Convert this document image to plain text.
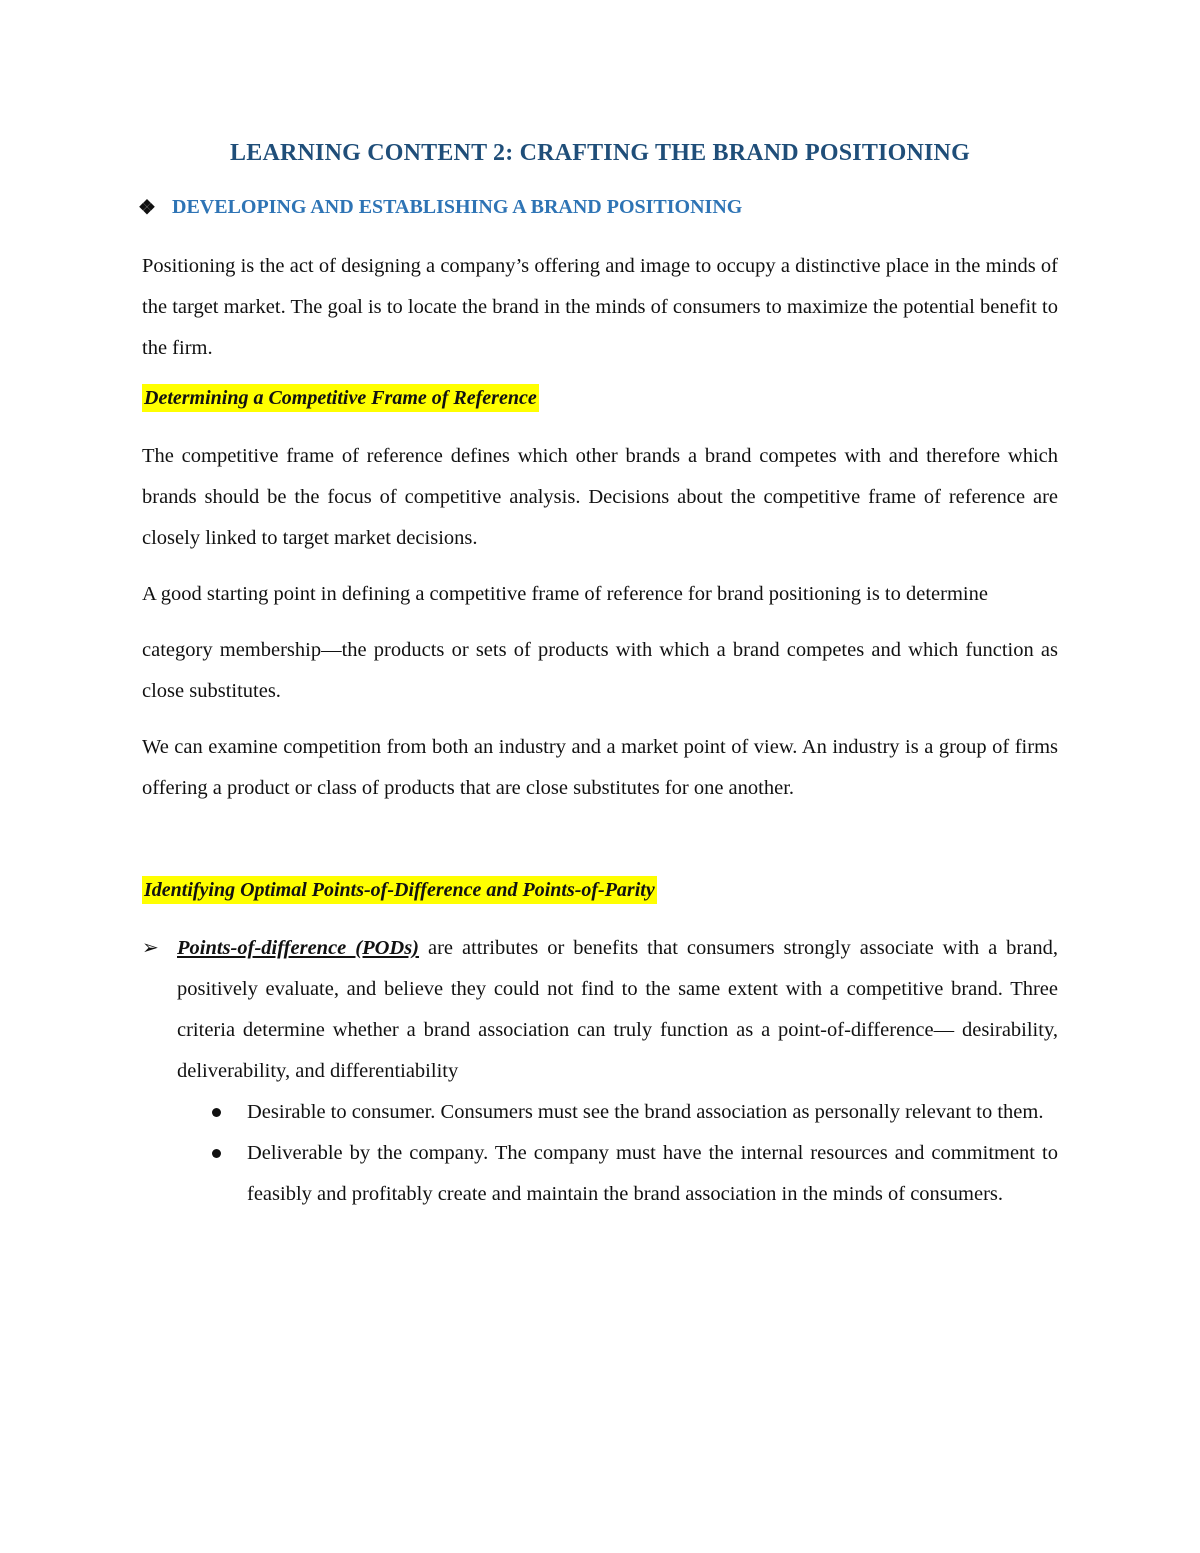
LEARNING CONTENT 2: CRAFTING THE BRAND POSITIONING
❖ DEVELOPING AND ESTABLISHING A BRAND POSITIONING

Positioning is the act of designing a company’s offering and image to occupy a distinctive place in the minds of the target market. The goal is to locate the brand in the minds of consumers to maximize the potential benefit to the firm.

Determining a Competitive Frame of Reference

The competitive frame of reference defines which other brands a brand competes with and therefore which brands should be the focus of competitive analysis. Decisions about the competitive frame of reference are closely linked to target market decisions.

A good starting point in defining a competitive frame of reference for brand positioning is to determine

category membership—the products or sets of products with which a brand competes and which function as close substitutes.

We can examine competition from both an industry and a market point of view. An industry is a group of firms offering a product or class of products that are close substitutes for one another.

Identifying Optimal Points-of-Difference and Points-of-Parity
➢ Points-of-difference (PODs) are attributes or benefits that consumers strongly associate with a brand, positively evaluate, and believe they could not find to the same extent with a competitive brand. Three criteria determine whether a brand association can truly function as a point-of-difference— desirability, deliverability, and differentiability

Desirable to consumer. Consumers must see the brand association as personally relevant to them.

Deliverable by the company. The company must have the internal resources and commitment to feasibly and profitably create and maintain the brand association in the minds of consumers.
